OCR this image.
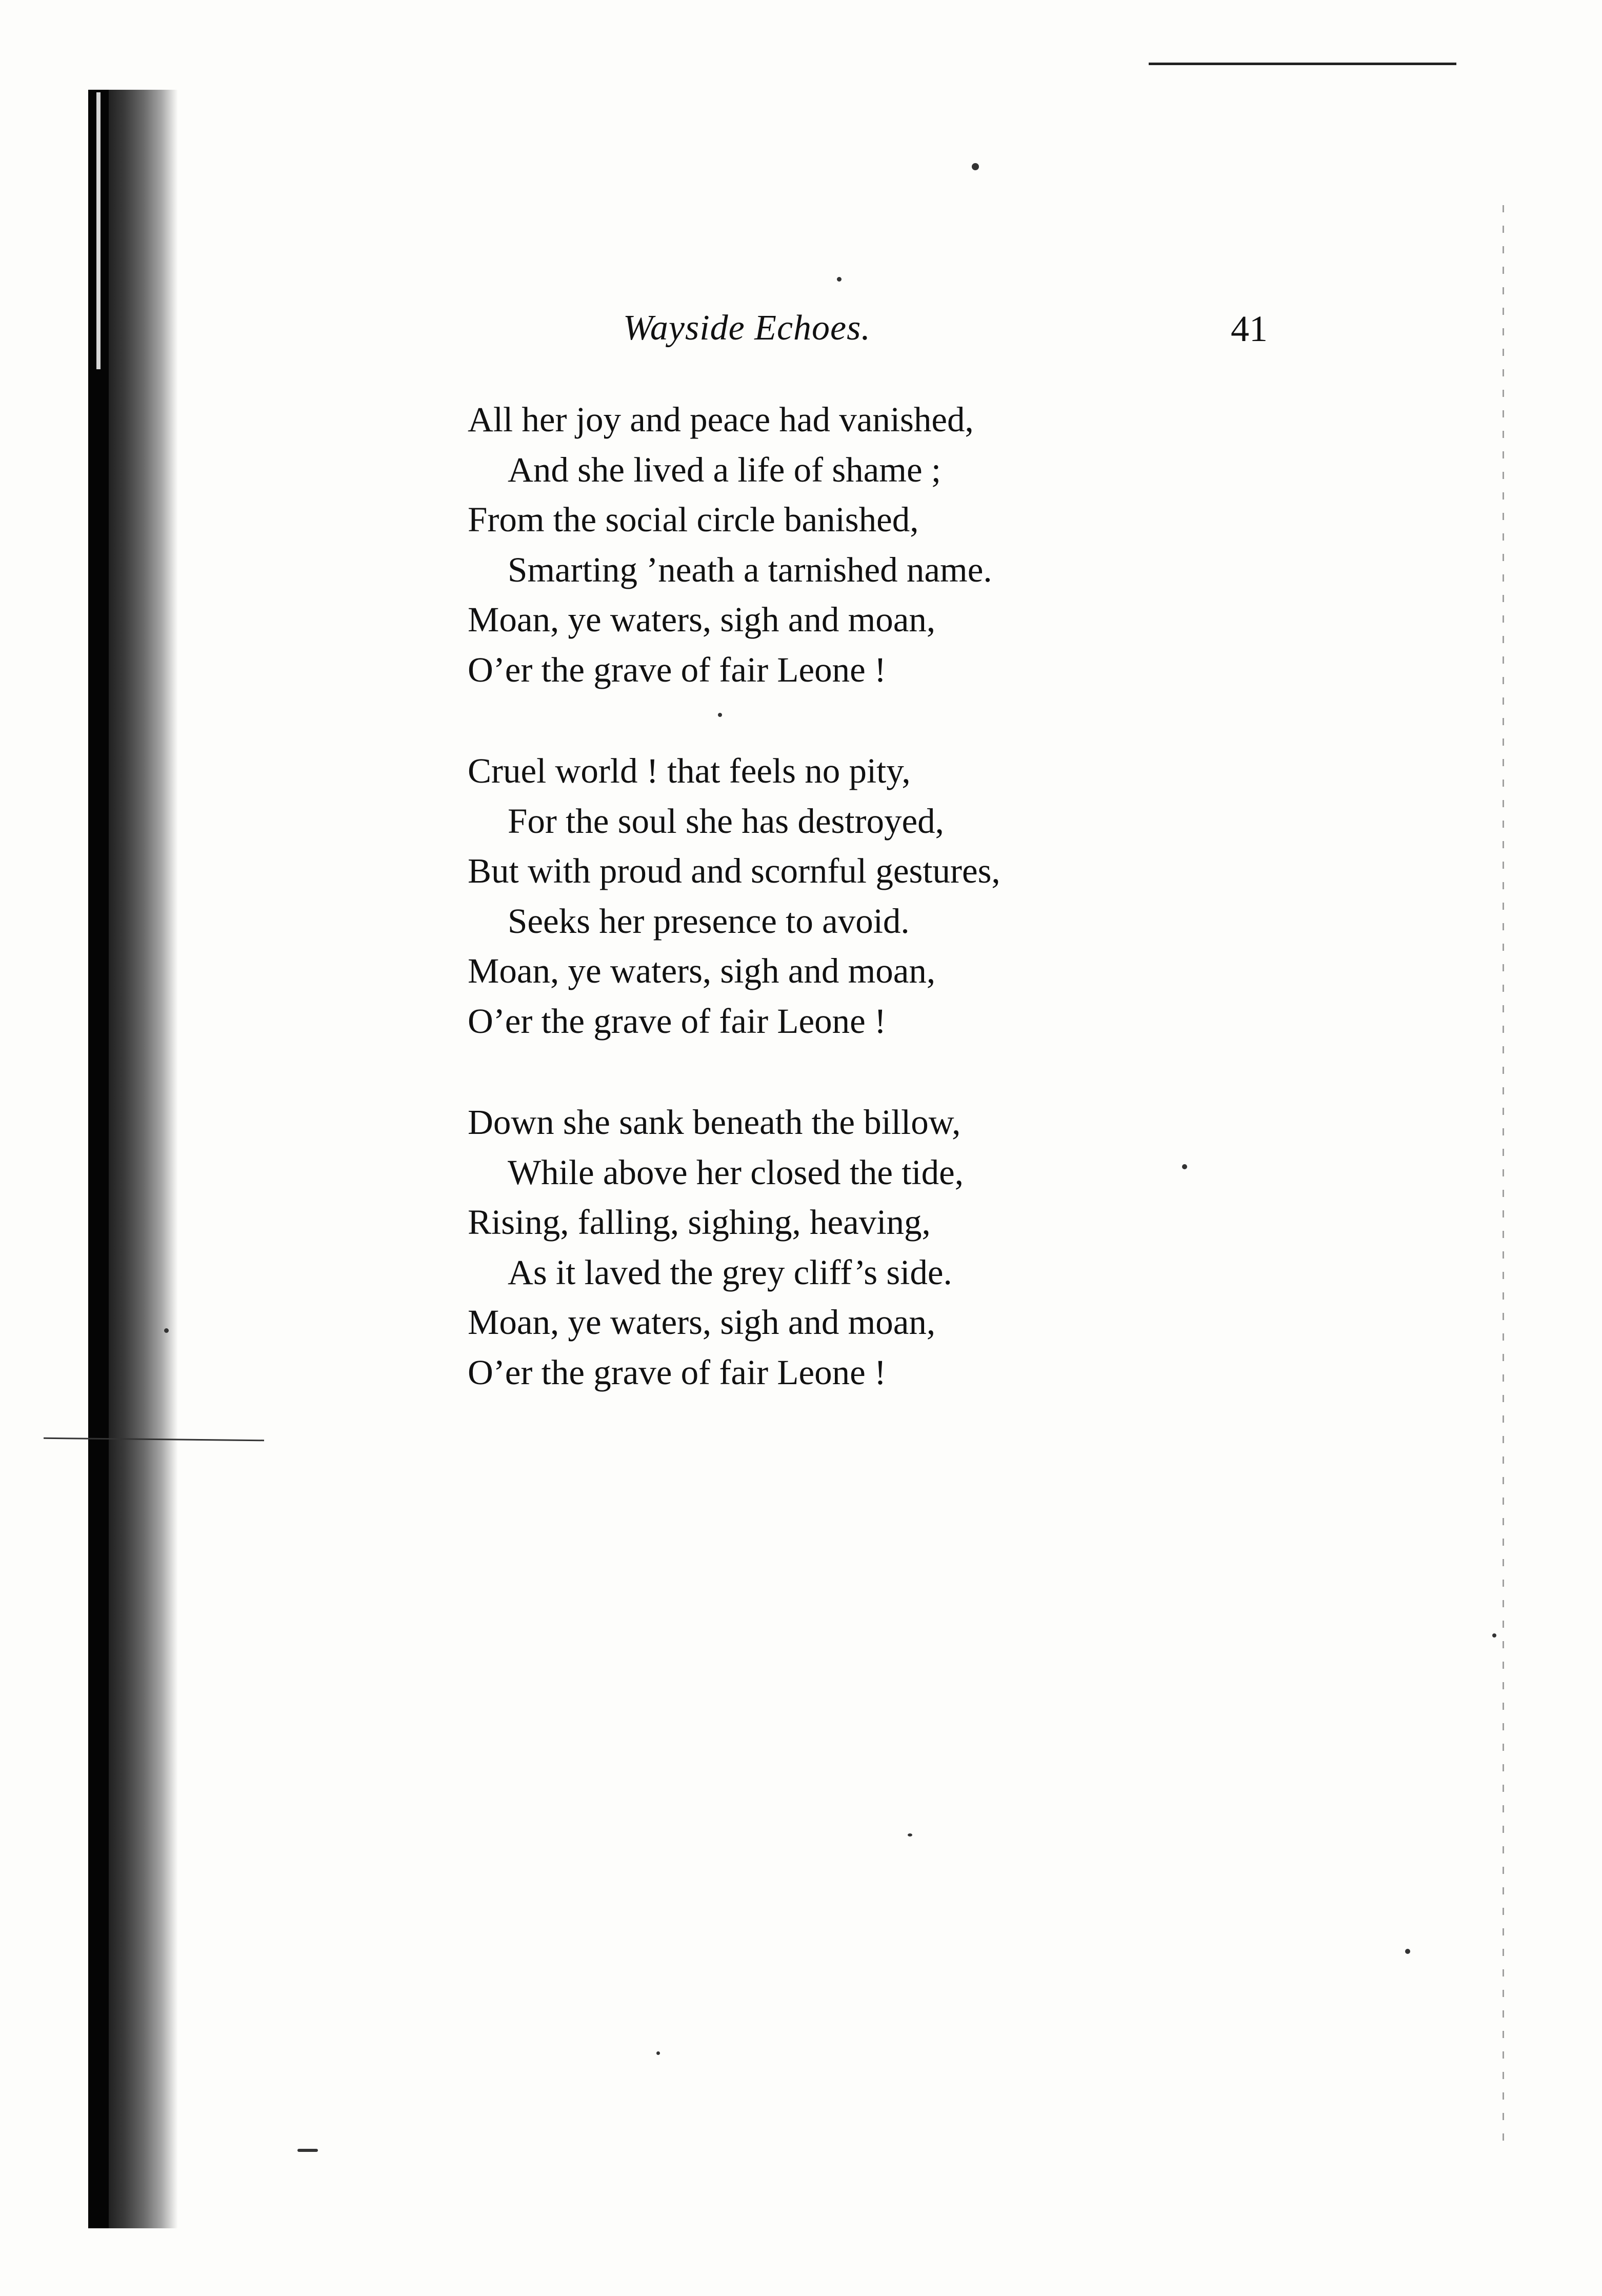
Wayside Echoes.	41
All her joy and peace had vanished,
And she lived a life of shame ;
From the social circle banished,
Smarting ’neath a tarnished name.
Moan, ye waters, sigh and moan,
O’er the grave of fair Leone !
Cruel world ! that feels no pity,
For the soul she has destroyed,
But with proud and scornful gestures,
Seeks her presence to avoid.
Moan, ye waters, sigh and moan,
O’er the grave of fair Leone !
Down she sank beneath the billow,
While above her closed the tide,
Rising, falling, sighing, heaving,
As it laved the grey cliff’s side.
Moan, ye waters, sigh and moan,
O’er the grave of fair Leone !
